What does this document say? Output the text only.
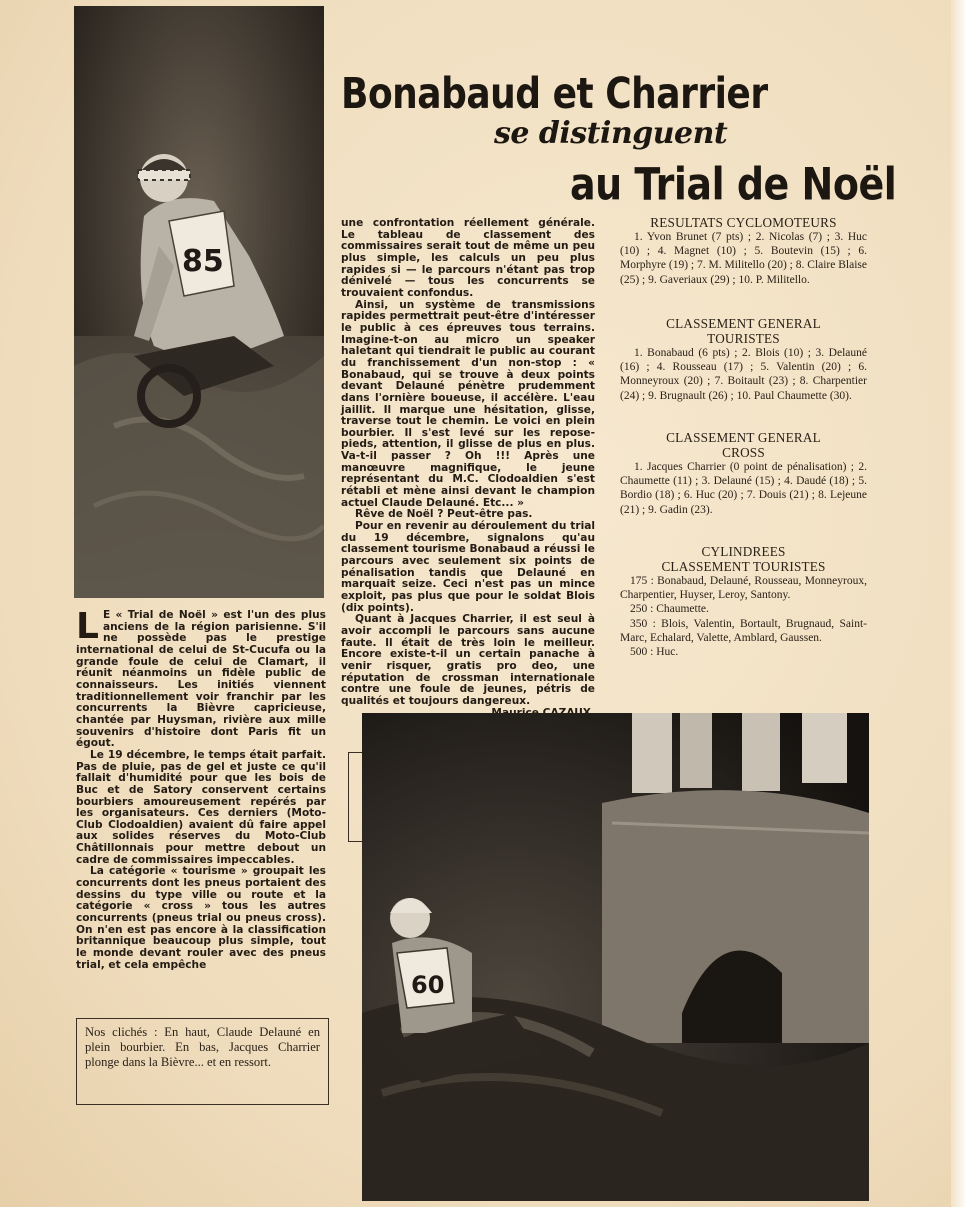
85
Bonabaud et Charrier
se distinguent
au Trial de Noël
L E « Trial de Noël » est l'un des plus anciens de la région parisienne. S'il ne possède pas le prestige international de celui de St-Cucufa ou la grande foule de celui de Clamart, il réunit néanmoins un fidèle public de connaisseurs. Les initiés viennent traditionnellement voir franchir par les concurrents la Bièvre capricieuse, chantée par Huysman, rivière aux mille souvenirs d'histoire dont Paris fit un égout.

Le 19 décembre, le temps était parfait. Pas de pluie, pas de gel et juste ce qu'il fallait d'humidité pour que les bois de Buc et de Satory conservent certains bourbiers amoureusement repérés par les organisateurs. Ces derniers (Moto-Club Clodoaldien) avaient dû faire appel aux solides réserves du Moto-Club Châtillonnais pour mettre debout un cadre de commissaires impeccables.

La catégorie « tourisme » groupait les concurrents dont les pneus portaient des dessins du type ville ou route et la catégorie « cross » tous les autres concurrents (pneus trial ou pneus cross). On n'en est pas encore à la classification britannique beaucoup plus simple, tout le monde devant rouler avec des pneus trial, et cela empêche

une confrontation réellement générale. Le tableau de classement des commissaires serait tout de même un peu plus simple, les calculs un peu plus rapides si — le parcours n'étant pas trop dénivelé — tous les concurrents se trouvaient confondus.

Ainsi, un système de transmissions rapides permettrait peut-être d'intéresser le public à ces épreuves tous terrains. Imagine-t-on au micro un speaker haletant qui tiendrait le public au courant du franchissement d'un non-stop : « Bonabaud, qui se trouve à deux points devant Delauné pénètre prudemment dans l'ornière boueuse, il accélère. L'eau jaillit. Il marque une hésitation, glisse, traverse tout le chemin. Le voici en plein bourbier. Il s'est levé sur les repose-pieds, attention, il glisse de plus en plus. Va-t-il passer ? Oh !!! Après une manœuvre magnifique, le jeune représentant du M.C. Clodoaldien s'est rétabli et mène ainsi devant le champion actuel Claude Delauné. Etc... »

Rêve de Noël ? Peut-être pas.

Pour en revenir au déroulement du trial du 19 décembre, signalons qu'au classement tourisme Bonabaud a réussi le parcours avec seulement six points de pénalisation tandis que Delauné en marquait seize. Ceci n'est pas un mince exploit, pas plus que pour le soldat Blois (dix points).

Quant à Jacques Charrier, il est seul à avoir accompli le parcours sans aucune faute. Il était de très loin le meilleur. Encore existe-t-il un certain panache à venir risquer, gratis pro deo, une réputation de crossman internationale contre une foule de jeunes, pétris de qualités et toujours dangereux.

RESULTATS CYCLOMOTEURS

1. Yvon Brunet (7 pts) ; 2. Nicolas (7) ; 3. Huc (10) ; 4. Magnet (10) ; 5. Boutevin (15) ; 6. Morphyre (19) ; 7. M. Militello (20) ; 8. Claire Blaise (25) ; 9. Gaveriaux (29) ; 10. P. Militello.

CLASSEMENT GENERAL
TOURISTES

1. Bonabaud (6 pts) ; 2. Blois (10) ; 3. Delauné (16) ; 4. Rousseau (17) ; 5. Valentin (20) ; 6. Monneyroux (20) ; 7. Boitault (23) ; 8. Charpentier (24) ; 9. Brugnault (26) ; 10. Paul Chaumette (30).

CLASSEMENT GENERAL
CROSS

1. Jacques Charrier (0 point de pénalisation) ; 2. Chaumette (11) ; 3. Delauné (15) ; 4. Daudé (18) ; 5. Bordio (18) ; 6. Huc (20) ; 7. Douis (21) ; 8. Lejeune (21) ; 9. Gadin (23).

CYLINDREES
CLASSEMENT TOURISTES

175 : Bonabaud, Delauné, Rousseau, Monneyroux, Charpentier, Huyser, Leroy, Santony.

250 : Chaumette.

350 : Blois, Valentin, Bortault, Brugnaud, Saint-Marc, Echalard, Valette, Amblard, Gaussen.

500 : Huc.

60
Nos clichés : En haut, Claude Delauné en plein bourbier. En bas, Jacques Charrier plonge dans la Bièvre... et en ressort.
